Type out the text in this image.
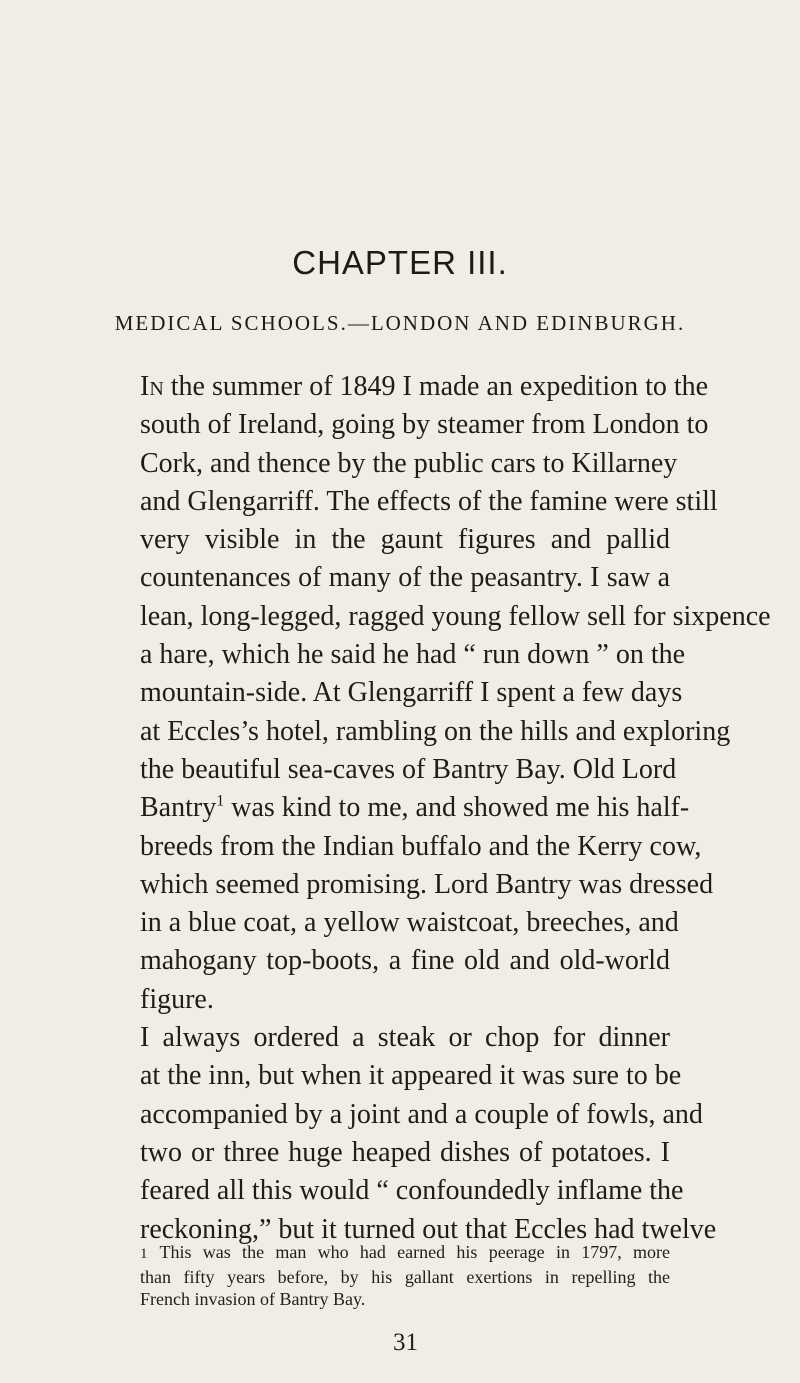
CHAPTER III.
MEDICAL SCHOOLS.—LONDON AND EDINBURGH.
In the summer of 1849 I made an expedition to the
south of Ireland, going by steamer from London to
Cork, and thence by the public cars to Killarney
and Glengarriff. The effects of the famine were still
very visible in the gaunt figures and pallid
countenances of many of the peasantry. I saw a
lean, long-legged, ragged young fellow sell for sixpence
a hare, which he said he had “ run down ” on the
mountain-side. At Glengarriff I spent a few days
at Eccles’s hotel, rambling on the hills and exploring
the beautiful sea-caves of Bantry Bay. Old Lord
Bantry$^1$ was kind to me, and showed me his half-
breeds from the Indian buffalo and the Kerry cow,
which seemed promising. Lord Bantry was dressed
in a blue coat, a yellow waistcoat, breeches, and
mahogany top-boots, a fine old and old-world
figure.
I always ordered a steak or chop for dinner
at the inn, but when it appeared it was sure to be
accompanied by a joint and a couple of fowls, and
two or three huge heaped dishes of potatoes. I
feared all this would “ confoundedly inflame the
reckoning,” but it turned out that Eccles had twelve
1 This was the man who had earned his peerage in 1797, more
than fifty years before, by his gallant exertions in repelling the
French invasion of Bantry Bay.
31
